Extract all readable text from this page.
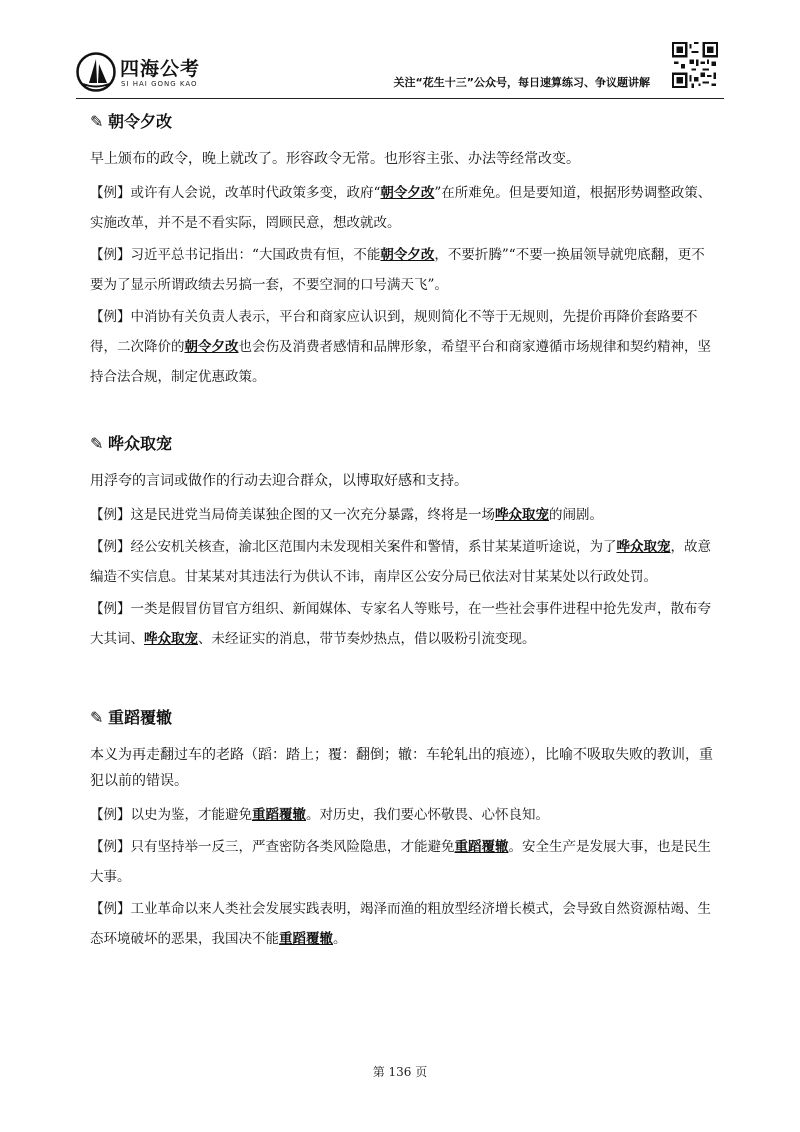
四海公考
SI HAI GONG KAO	关注“花生十三”公众号，每日速算练习、争议题讲解
✎ 朝令夕改

早上颁布的政令，晚上就改了。形容政令无常。也形容主张、办法等经常改变。

【例】或许有人会说，改革时代政策多变，政府“朝令夕改”在所难免。但是要知道，根据形势调整政策、实施改革，并不是不看实际，罔顾民意，想改就改。

【例】习近平总书记指出：“大国政贵有恒，不能朝令夕改，不要折腾”“不要一换届领导就兜底翻，更不要为了显示所谓政绩去另搞一套，不要空洞的口号满天飞”。

【例】中消协有关负责人表示，平台和商家应认识到，规则简化不等于无规则，先提价再降价套路要不得，二次降价的朝令夕改也会伤及消费者感情和品牌形象，希望平台和商家遵循市场规律和契约精神，坚持合法合规，制定优惠政策。

✎ 哗众取宠

用浮夸的言词或做作的行动去迎合群众，以博取好感和支持。

【例】这是民进党当局倚美谋独企图的又一次充分暴露，终将是一场哗众取宠的闹剧。

【例】经公安机关核查，渝北区范围内未发现相关案件和警情，系甘某某道听途说，为了哗众取宠，故意编造不实信息。甘某某对其违法行为供认不讳，南岸区公安分局已依法对甘某某处以行政处罚。

【例】一类是假冒仿冒官方组织、新闻媒体、专家名人等账号，在一些社会事件进程中抢先发声，散布夸大其词、哗众取宠、未经证实的消息，带节奏炒热点，借以吸粉引流变现。

✎ 重蹈覆辙

本义为再走翻过车的老路（蹈：踏上；覆：翻倒；辙：车轮轧出的痕迹），比喻不吸取失败的教训，重犯以前的错误。

【例】以史为鉴，才能避免重蹈覆辙。对历史，我们要心怀敬畏、心怀良知。

【例】只有坚持举一反三，严查密防各类风险隐患，才能避免重蹈覆辙。安全生产是发展大事，也是民生大事。

【例】工业革命以来人类社会发展实践表明，竭泽而渔的粗放型经济增长模式，会导致自然资源枯竭、生态环境破坏的恶果，我国决不能重蹈覆辙。

第 136 页
